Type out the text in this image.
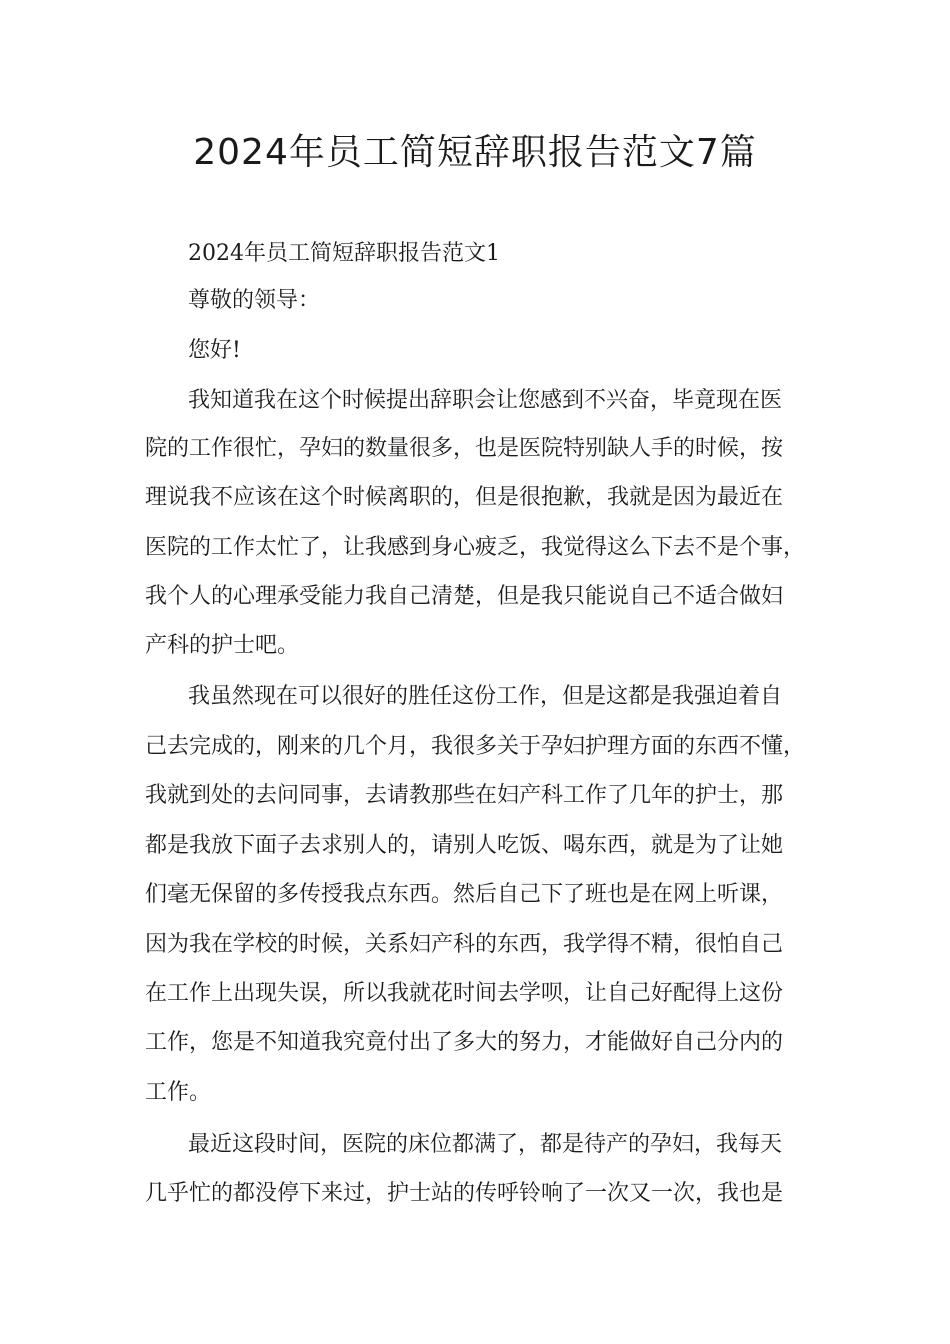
2024年员工简短辞职报告范文7篇

2024年员工简短辞职报告范文1

尊敬的领导：

您好!

我知道我在这个时候提出辞职会让您感到不兴奋，毕竟现在医

院的工作很忙，孕妇的数量很多，也是医院特别缺人手的时候，按

理说我不应该在这个时候离职的，但是很抱歉，我就是因为最近在

医院的工作太忙了，让我感到身心疲乏，我觉得这么下去不是个事，

我个人的心理承受能力我自己清楚，但是我只能说自己不适合做妇

产科的护士吧。

我虽然现在可以很好的胜任这份工作，但是这都是我强迫着自

己去完成的，刚来的几个月，我很多关于孕妇护理方面的东西不懂，

我就到处的去问同事，去请教那些在妇产科工作了几年的护士，那

都是我放下面子去求别人的，请别人吃饭、喝东西，就是为了让她

们毫无保留的多传授我点东西。然后自己下了班也是在网上听课，

因为我在学校的时候，关系妇产科的东西，我学得不精，很怕自己

在工作上出现失误，所以我就花时间去学呗，让自己好配得上这份

工作，您是不知道我究竟付出了多大的努力，才能做好自己分内的

工作。

最近这段时间，医院的床位都满了，都是待产的孕妇，我每天

几乎忙的都没停下来过，护士站的传呼铃响了一次又一次，我也是
